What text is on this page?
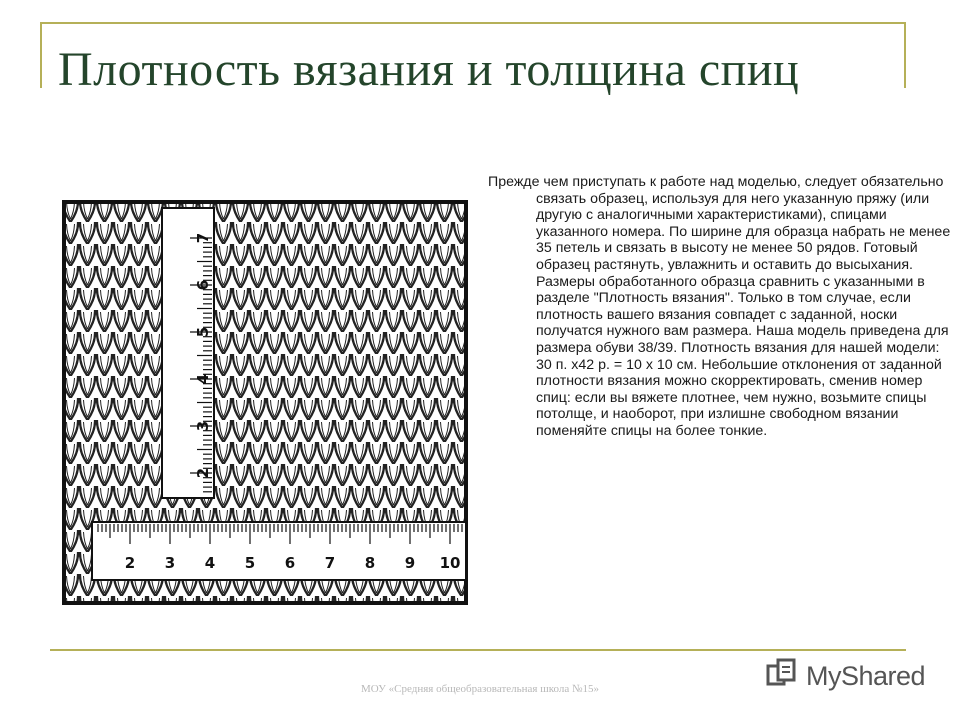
Плотность вязания и толщина спиц
7
6
5
4
3
2
2 3 4 5 6 7 8 9 10

Прежде чем приступать к работе над моделью, следует обязательно связать образец, используя для него указанную пряжу (или другую с аналогичными характеристиками), спицами указанного номера. По ширине для образца набрать не менее 35 петель и связать в высоту не менее 50 рядов. Готовый образец растянуть, увлажнить и оставить до высыхания. Размеры обработанного образца сравнить с указанными в разделе "Плотность вязания". Только в том случае, если плотность вашего вязания совпадет с заданной, носки получатся нужного вам размера. Наша модель приведена для размера обуви 38/39. Плотность вязания для нашей модели: 30 п. х42 р. = 10 х 10 см. Небольшие отклонения от заданной плотности вязания можно скорректировать, сменив номер спиц: если вы вяжете плотнее, чем нужно, возьмите спицы потолще, и наоборот, при излишне свободном вязании поменяйте спицы на более тонкие.

МОУ «Средняя общеобразовательная школа №15»	MyShared
